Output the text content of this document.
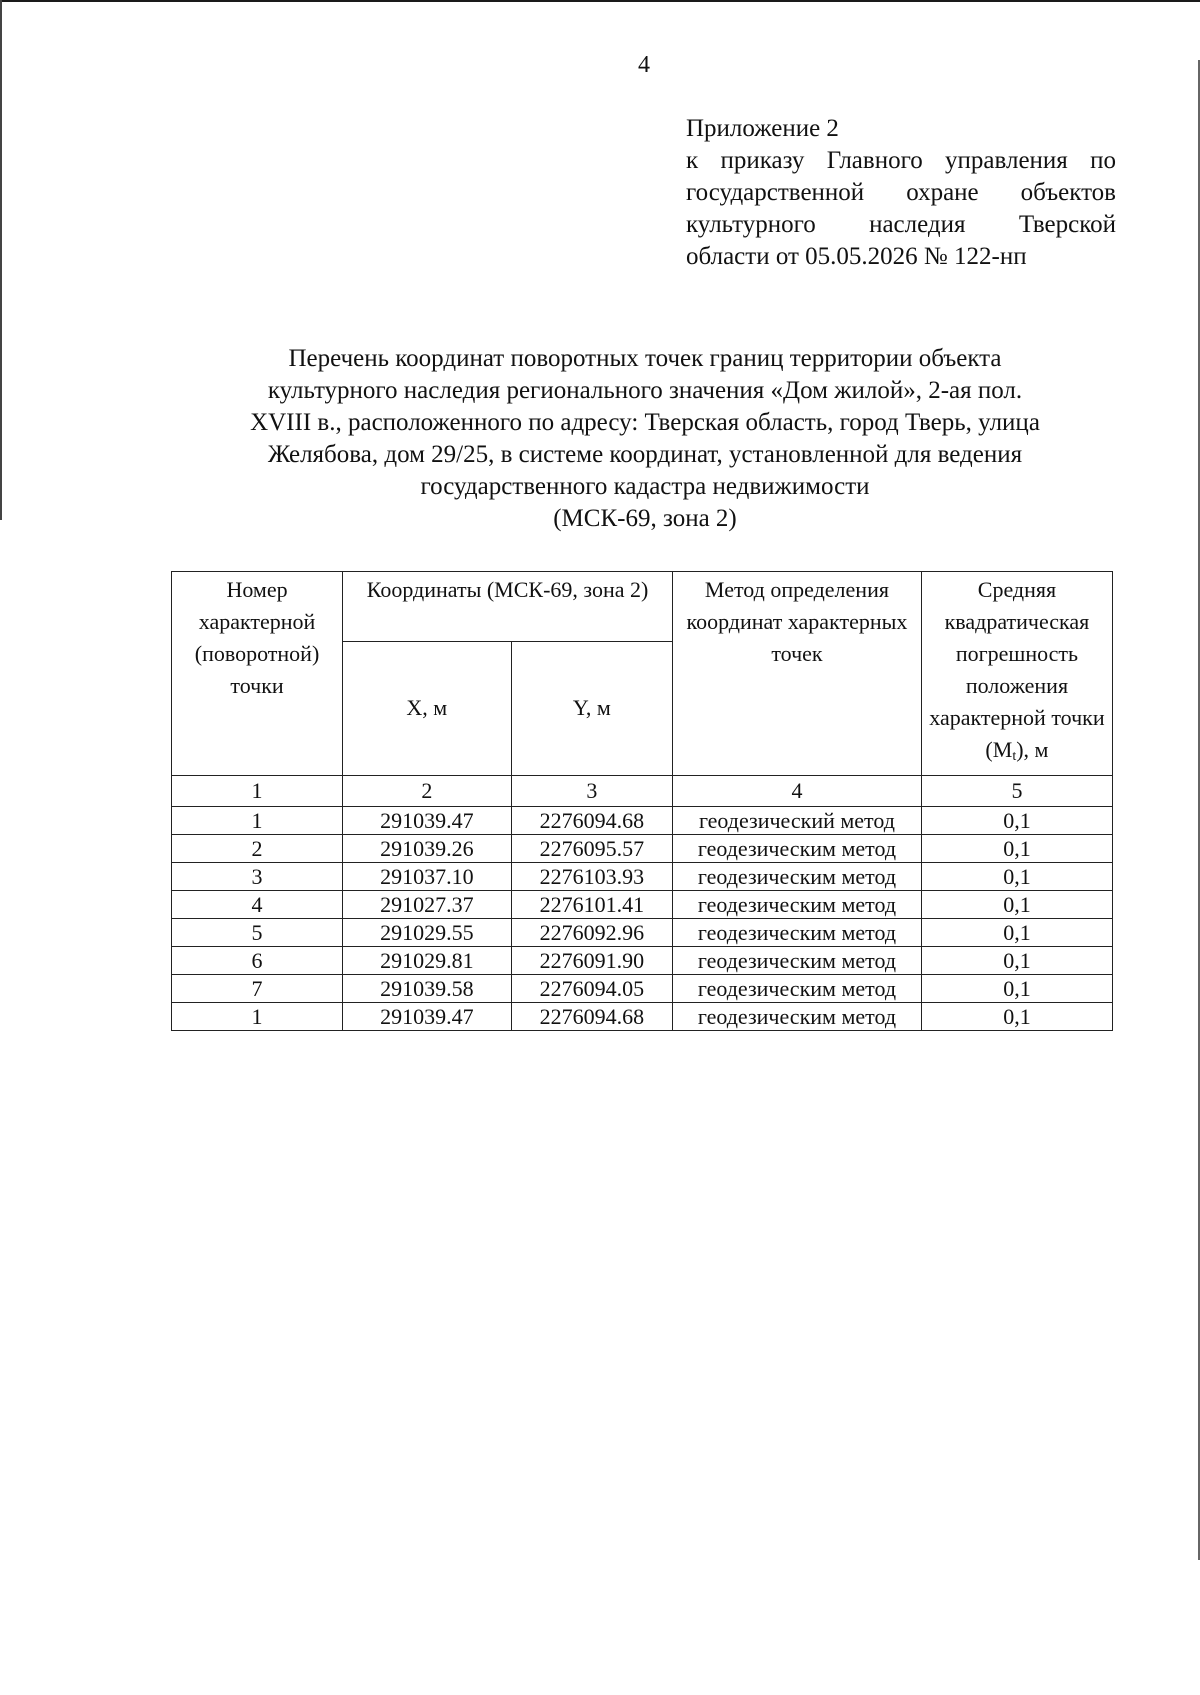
4
Приложение 2
к приказу Главного управления по
государственной охране объектов
культурного наследия Тверской
области от 05.05.2026 № 122-нп
Перечень координат поворотных точек границ территории объекта
культурного наследия регионального значения «Дом жилой», 2-ая пол.
XVIII в., расположенного по адресу: Тверская область, город Тверь, улица
Желябова, дом 29/25, в системе координат, установленной для ведения
государственного кадастра недвижимости
(МСК-69, зона 2)
Номер характерной (поворотной) точки	Координаты (МСК-69, зона 2)		Метод определения координат характерных точек	Средняя квадратическая погрешность положения характерной точки $(M_t)$, м
	X, м	Y, м		
1	2	3	4	5
1	291039.47	2276094.68	геодезический метод	0,1
2	291039.26	2276095.57	геодезическим метод	0,1
3	291037.10	2276103.93	геодезическим метод	0,1
4	291027.37	2276101.41	геодезическим метод	0,1
5	291029.55	2276092.96	геодезическим метод	0,1
6	291029.81	2276091.90	геодезическим метод	0,1
7	291039.58	2276094.05	геодезическим метод	0,1
1	291039.47	2276094.68	геодезическим метод	0,1
